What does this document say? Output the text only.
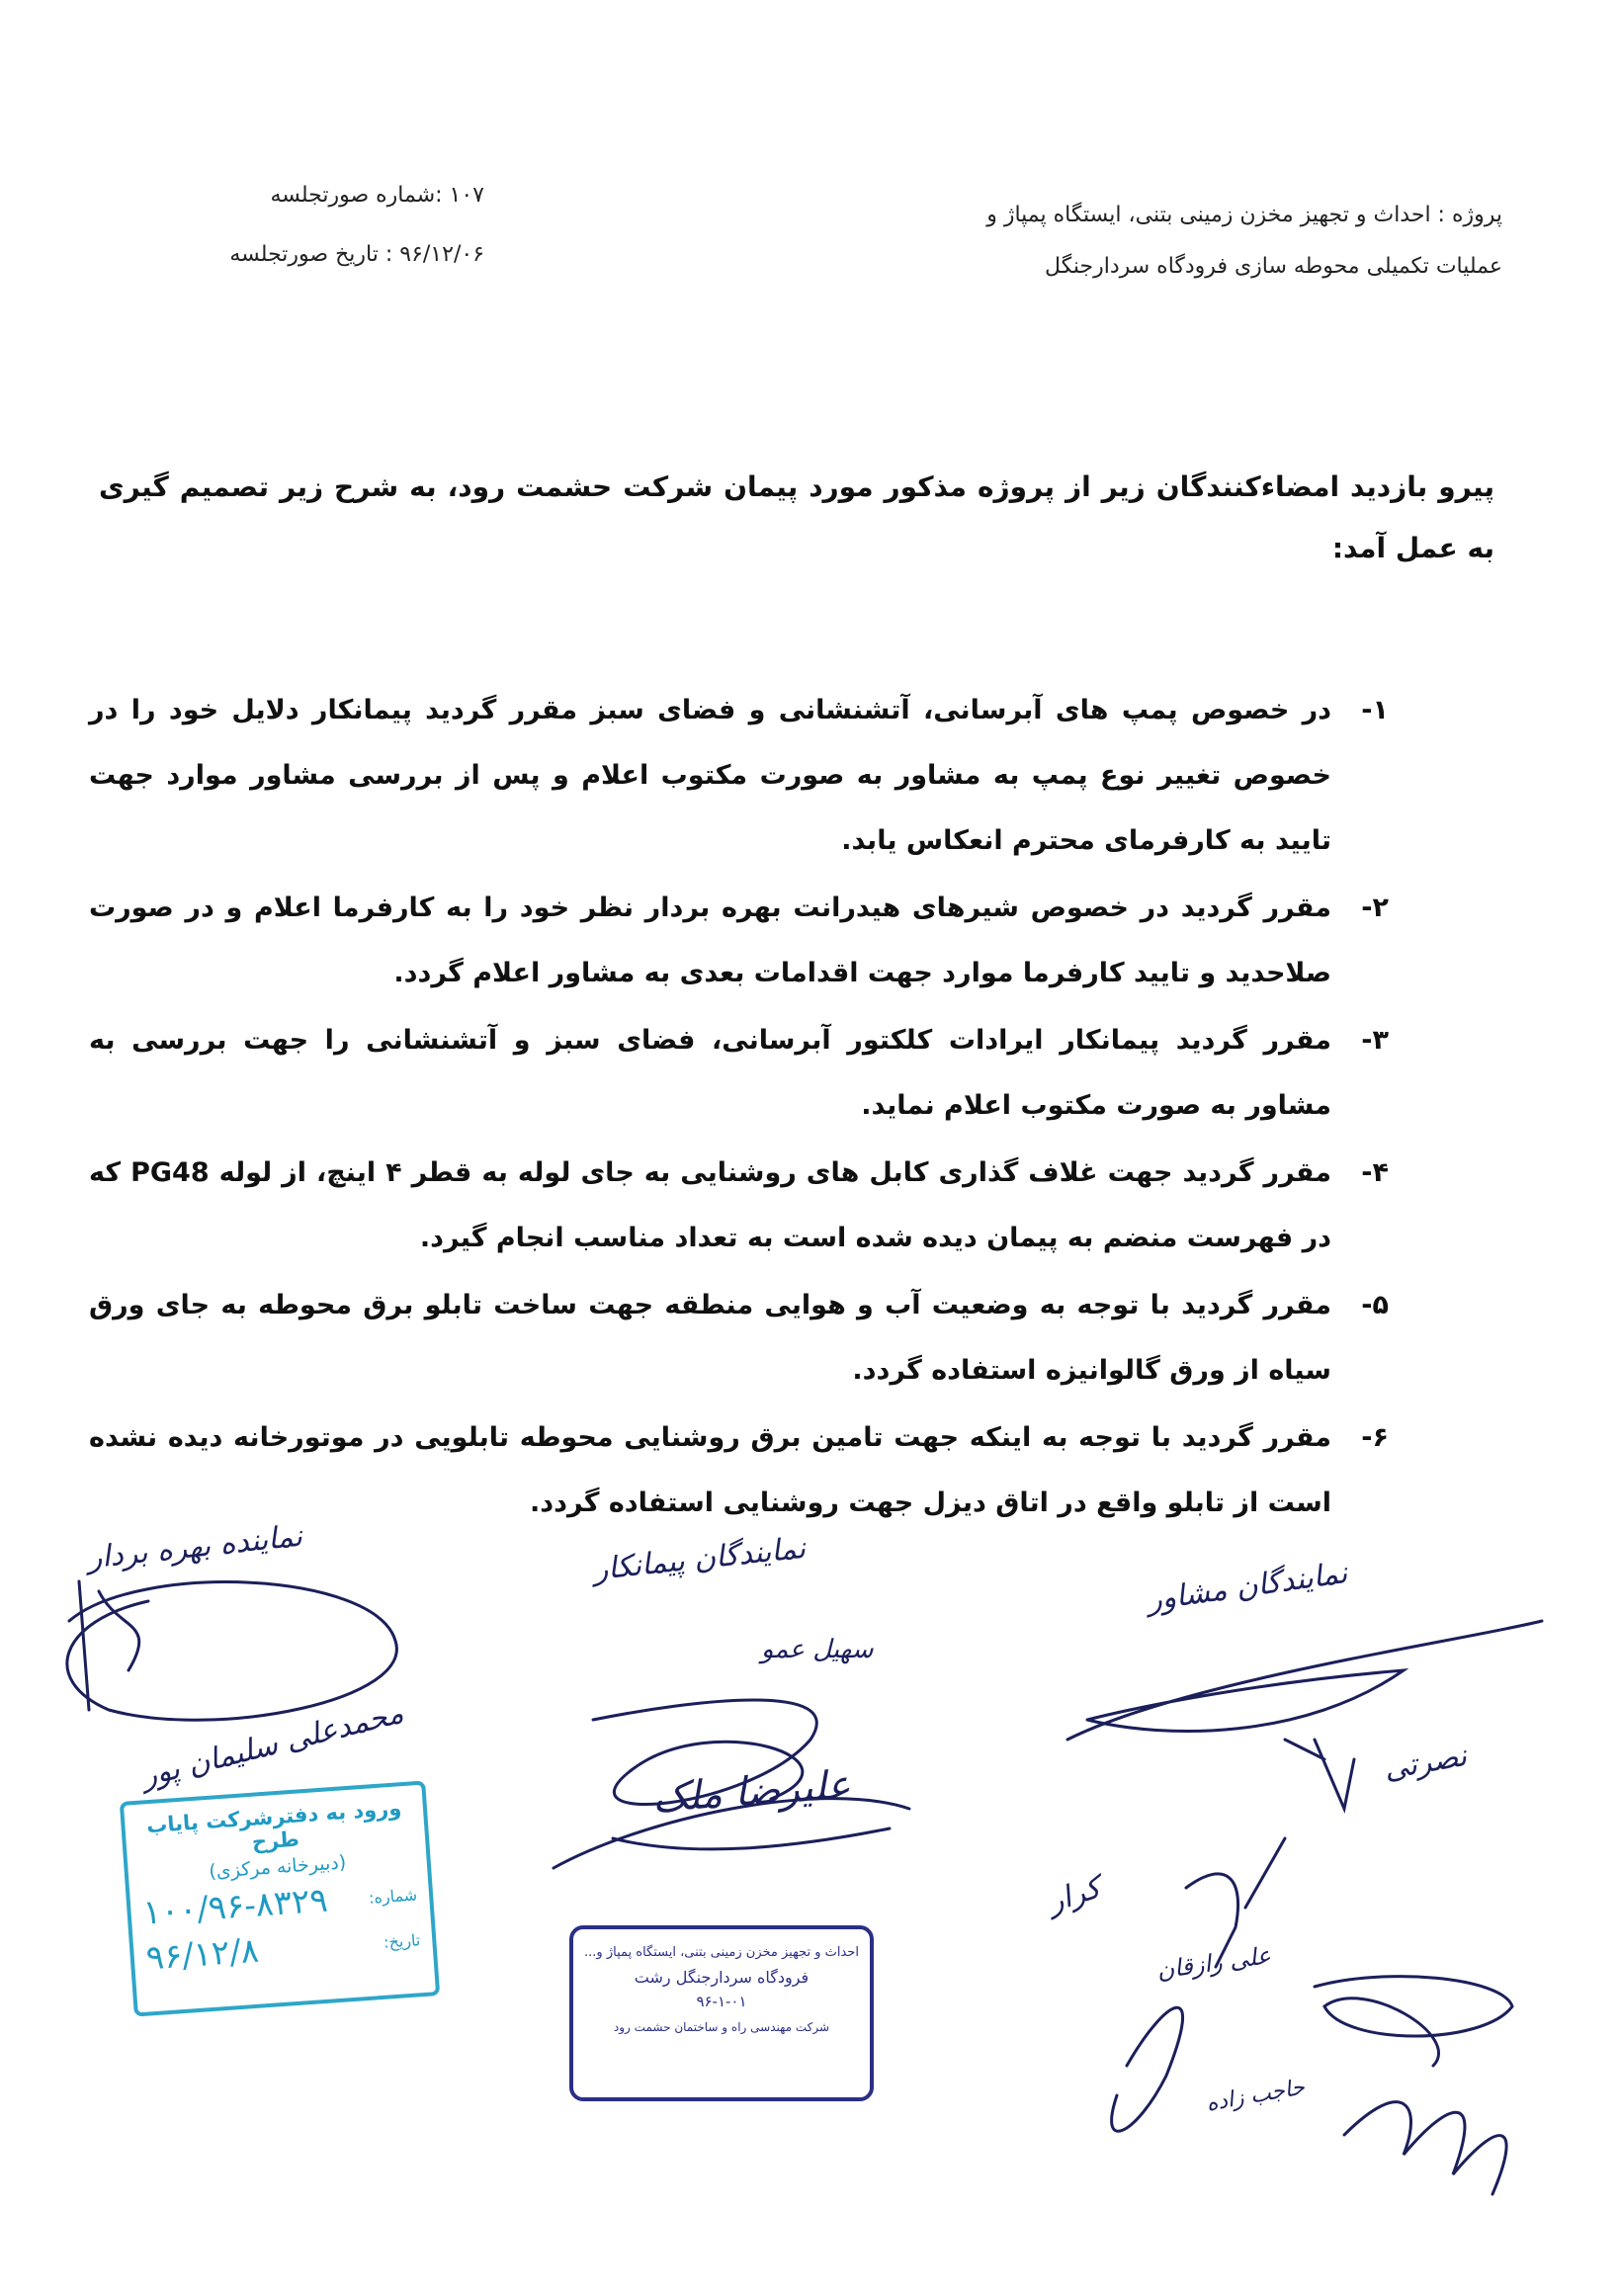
۱۰۷ :شماره صورتجلسه
۹۶/۱۲/۰۶ : تاریخ صورتجلسه
پروژه : احداث و تجهیز مخزن زمینی بتنی، ایستگاه پمپاژ و
عملیات تکمیلی محوطه سازی فرودگاه سردارجنگل
پیرو بازدید امضاءکنندگان زیر از پروژه مذکور مورد پیمان شرکت حشمت رود، به شرح زیر تصمیم گیری به عمل آمد:
۱-
در خصوص پمپ های آبرسانی، آتشنشانی و فضای سبز مقرر گردید پیمانکار دلایل خود را در خصوص تغییر نوع پمپ به مشاور به صورت مکتوب اعلام و پس از بررسی مشاور موارد جهت تایید به کارفرمای محترم انعکاس یابد.
۲-
مقرر گردید در خصوص شیرهای هیدرانت بهره بردار نظر خود را به کارفرما اعلام و در صورت صلاحدید و تایید کارفرما موارد جهت اقدامات بعدی به مشاور اعلام گردد.
۳-
مقرر گردید پیمانکار ایرادات کلکتور آبرسانی، فضای سبز و آتشنشانی را جهت بررسی به مشاور به صورت مکتوب اعلام نماید.
۴-
مقرر گردید جهت غلاف گذاری کابل های روشنایی به جای لوله به قطر ۴ اینچ، از لوله PG48 که در فهرست منضم به پیمان دیده شده است به تعداد مناسب انجام گیرد.
۵-
مقرر گردید با توجه به وضعیت آب و هوایی منطقه جهت ساخت تابلو برق محوطه به جای ورق سیاه از ورق گالوانیزه استفاده گردد.
۶-
مقرر گردید با توجه به اینکه جهت تامین برق روشنایی محوطه تابلویی در موتورخانه دیده نشده است از تابلو واقع در اتاق دیزل جهت روشنایی استفاده گردد.
نماینده بهره بردار
محمدعلی سلیمان پور
نمایندگان پیمانکار
سهیل عمو
علیرضا ملک
نمایندگان مشاور
نصرتی
علی رازقان
کرار
حاجب زاده
ورود به دفترشرکت پایاب طرح
(دبیرخانه مرکزی)
شماره:
۱۰۰/۹۶-۸۳۲۹
تاریخ:
۹۶/۱۲/۸	احداث و تجهیز مخزن زمینی بتنی، ایستگاه پمپاژ و...
فرودگاه سردارجنگل رشت
۹۶-۱-۰۱
شرکت مهندسی راه و ساختمان حشمت رود
